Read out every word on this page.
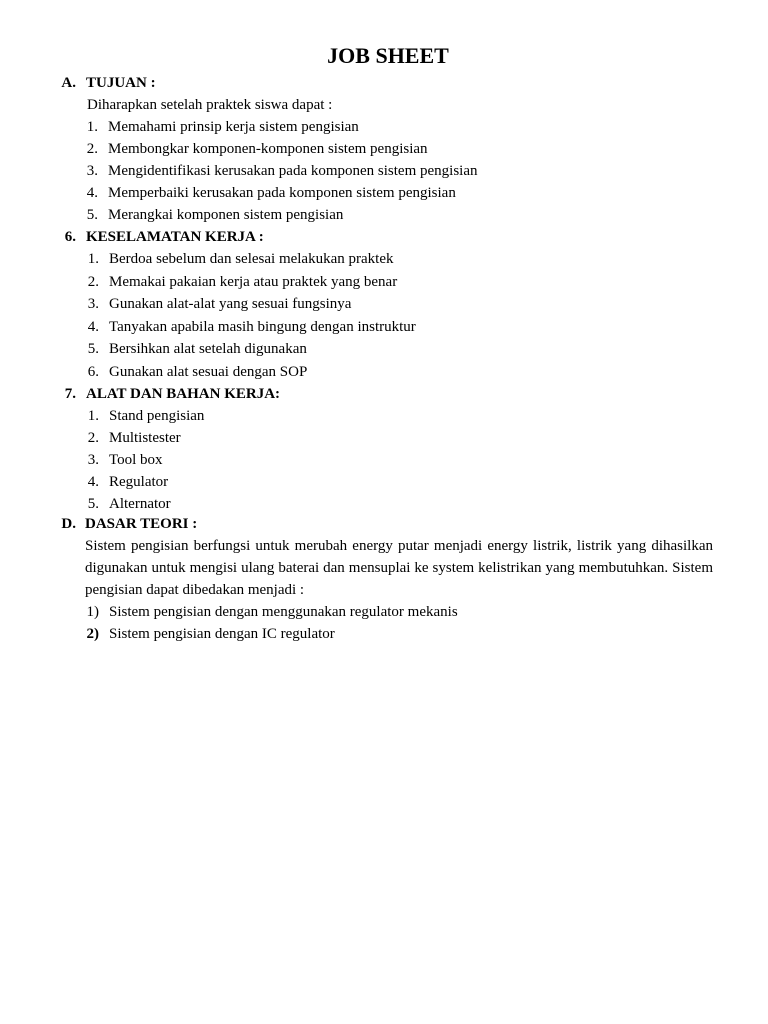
JOB SHEET
A. TUJUAN :
Diharapkan setelah praktek siswa dapat :
1. Memahami prinsip kerja sistem pengisian
2. Membongkar komponen-komponen sistem pengisian
3. Mengidentifikasi kerusakan pada komponen sistem pengisian
4. Memperbaiki kerusakan pada komponen sistem pengisian
5. Merangkai komponen sistem pengisian
6. KESELAMATAN KERJA :
1. Berdoa sebelum dan selesai melakukan praktek
2. Memakai pakaian kerja atau praktek yang benar
3. Gunakan alat-alat yang sesuai fungsinya
4. Tanyakan apabila masih bingung dengan instruktur
5. Bersihkan alat setelah digunakan
6. Gunakan alat sesuai dengan SOP
7. ALAT DAN BAHAN KERJA:
1. Stand pengisian
2. Multistester
3. Tool box
4. Regulator
5. Alternator
D. DASAR TEORI :
Sistem pengisian berfungsi untuk merubah energy putar menjadi energy listrik, listrik yang dihasilkan digunakan untuk mengisi ulang baterai dan mensuplai ke system kelistrikan yang membutuhkan. Sistem pengisian dapat dibedakan menjadi :
1) Sistem pengisian dengan menggunakan regulator mekanis
2) Sistem pengisian dengan IC regulator
